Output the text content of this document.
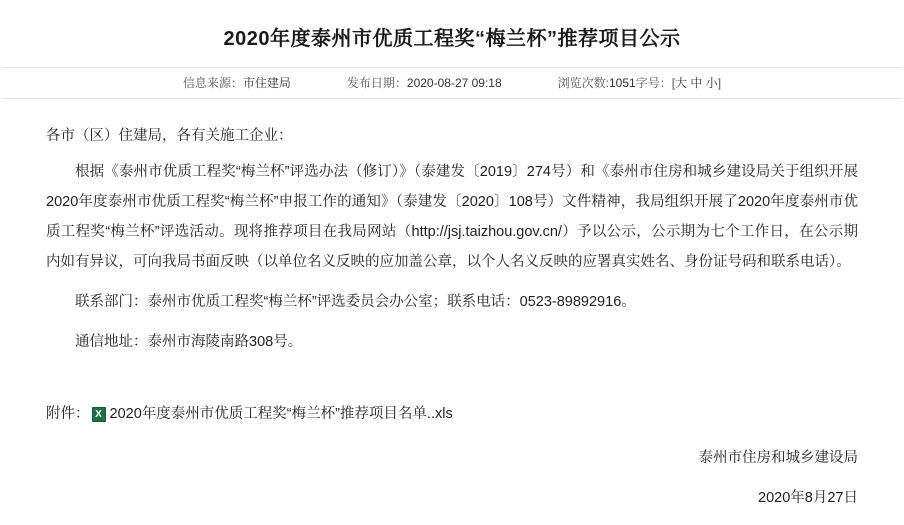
2020年度泰州市优质工程奖“梅兰杯”推荐项目公示
信息来源：市住建局	发布日期：2020-08-27 09:18	浏览次数:1051字号：[大 中 小]

各市（区）住建局，各有关施工企业：

根据《泰州市优质工程奖“梅兰杯”评选办法（修订）》（泰建发〔2019〕274号）和《泰州市住房和城乡建设局关于组织开展2020年度泰州市优质工程奖“梅兰杯”申报工作的通知》（泰建发〔2020〕108号）文件精神，我局组织开展了2020年度泰州市优质工程奖“梅兰杯”评选活动。现将推荐项目在我局网站（http://jsj.taizhou.gov.cn/）予以公示，公示期为七个工作日，在公示期内如有异议，可向我局书面反映（以单位名义反映的应加盖公章，以个人名义反映的应署真实姓名、身份证号码和联系电话）。

联系部门：泰州市优质工程奖“梅兰杯”评选委员会办公室；联系电话：0523-89892916。

通信地址：泰州市海陵南路308号。

附件： X 2020年度泰州市优质工程奖“梅兰杯”推荐项目名单..xls
泰州市住房和城乡建设局
2020年8月27日
